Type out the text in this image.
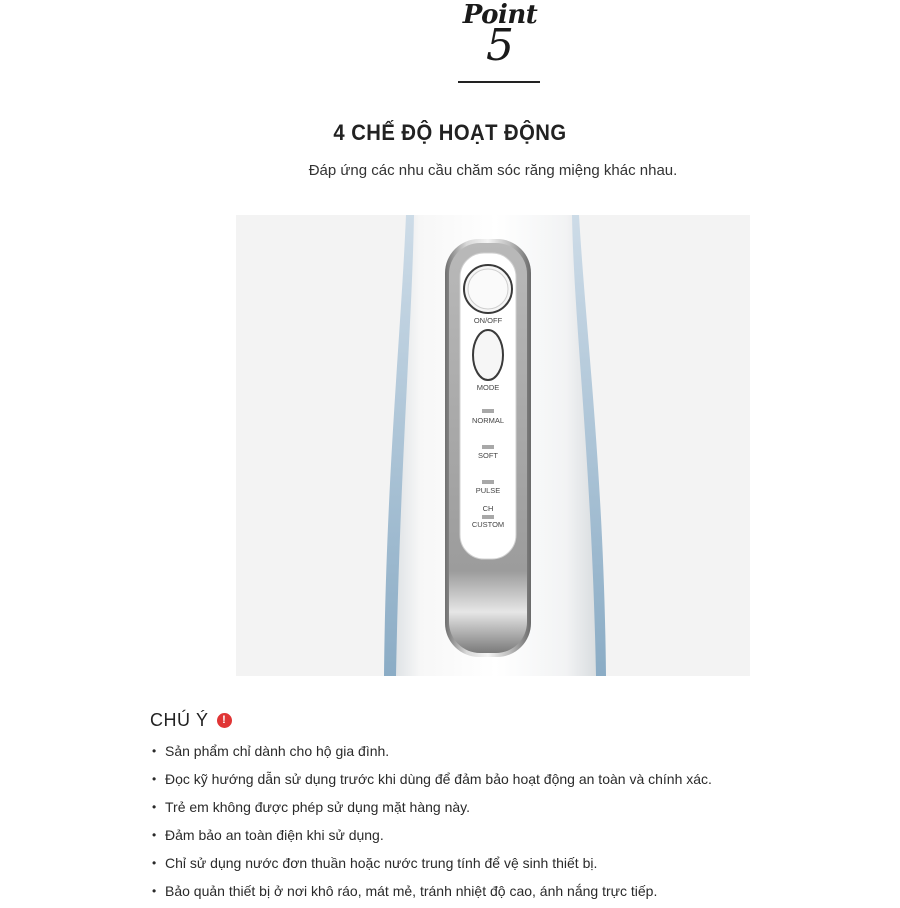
Point
5
4 CHẾ ĐỘ HOẠT ĐỘNG
Đáp ứng các nhu cầu chăm sóc răng miệng khác nhau.
ON/OFF
MODE
NORMAL
SOFT
PULSE
CH
CUSTOM
CHÚ Ý	!
• Sản phẩm chỉ dành cho hộ gia đình.
• Đọc kỹ hướng dẫn sử dụng trước khi dùng để đảm bảo hoạt động an toàn và chính xác.
• Trẻ em không được phép sử dụng mặt hàng này.
• Đảm bảo an toàn điện khi sử dụng.
• Chỉ sử dụng nước đơn thuần hoặc nước trung tính để vệ sinh thiết bị.
• Bảo quản thiết bị ở nơi khô ráo, mát mẻ, tránh nhiệt độ cao, ánh nắng trực tiếp.
